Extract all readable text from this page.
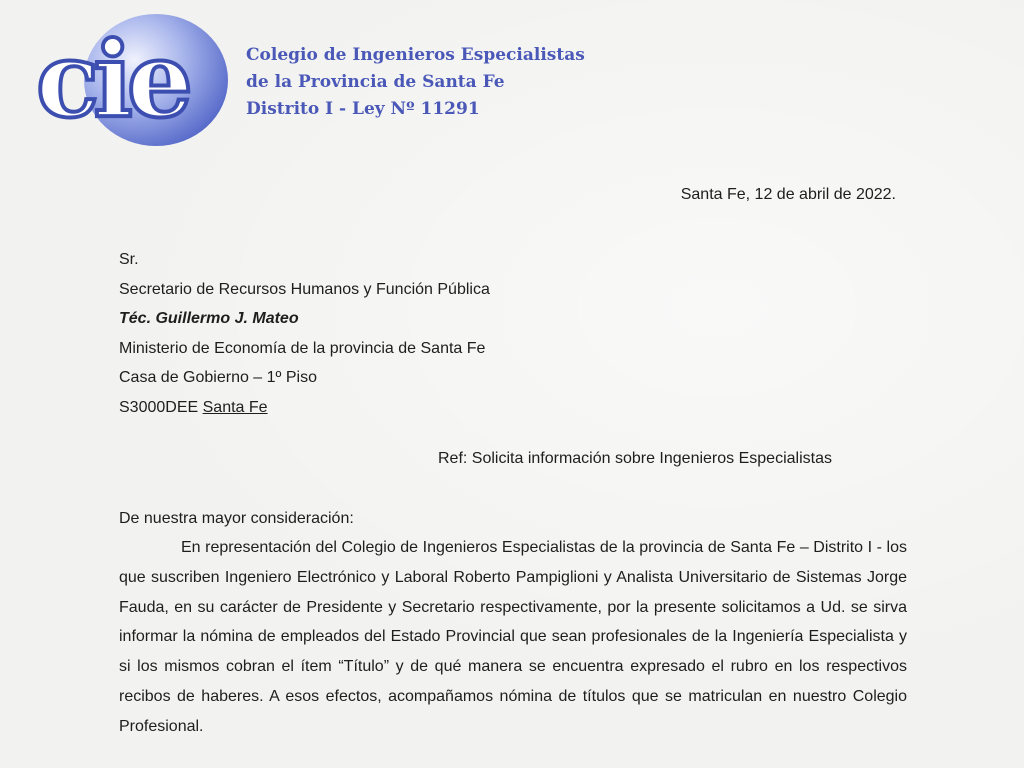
cie	Colegio de Ingenieros Especialistas
de la Provincia de Santa Fe
Distrito I - Ley Nº 11291
Santa Fe, 12 de abril de 2022.
Sr.
Secretario de Recursos Humanos y Función Pública
Téc. Guillermo J. Mateo
Ministerio de Economía de la provincia de Santa Fe
Casa de Gobierno – 1º Piso
S3000DEE Santa Fe
Ref: Solicita información sobre Ingenieros Especialistas
De nuestra mayor consideración:

En representación del Colegio de Ingenieros Especialistas de la provincia de Santa Fe – Distrito I - los que suscriben Ingeniero Electrónico y Laboral Roberto Pampiglioni y Analista Universitario de Sistemas Jorge Fauda, en su carácter de Presidente y Secretario respectivamente, por la presente solicitamos a Ud. se sirva informar la nómina de empleados del Estado Provincial que sean profesionales de la Ingeniería Especialista y si los mismos cobran el ítem “Título” y de qué manera se encuentra expresado el rubro en los respectivos recibos de haberes. A esos efectos, acompañamos nómina de títulos que se matriculan en nuestro Colegio Profesional.
